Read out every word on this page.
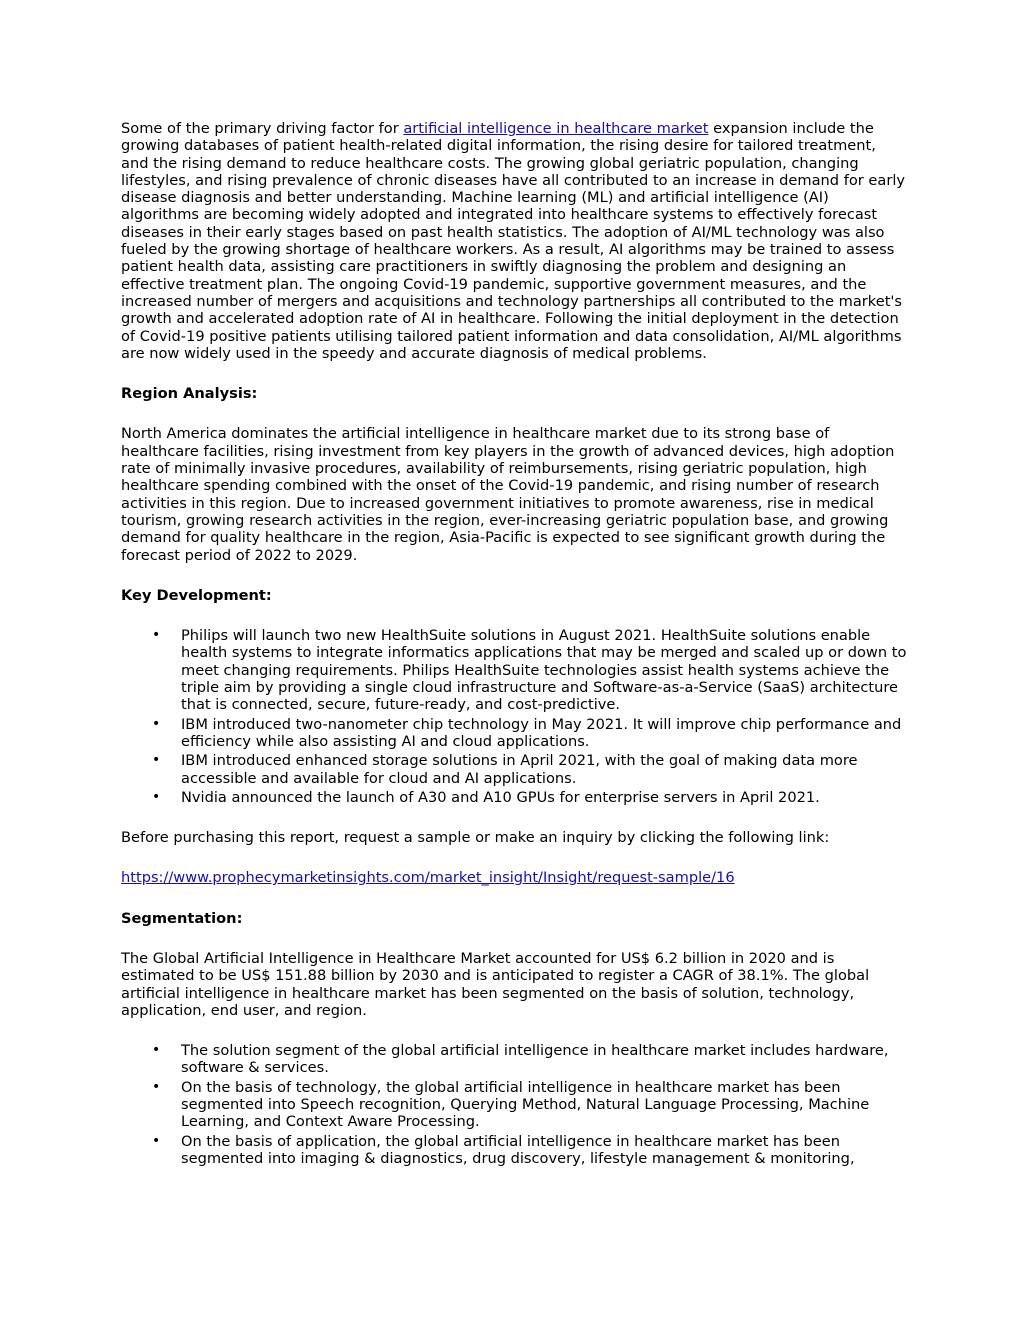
Some of the primary driving factor for artificial intelligence in healthcare market expansion include the growing databases of patient health-related digital information, the rising desire for tailored treatment, and the rising demand to reduce healthcare costs. The growing global geriatric population, changing lifestyles, and rising prevalence of chronic diseases have all contributed to an increase in demand for early disease diagnosis and better understanding. Machine learning (ML) and artificial intelligence (AI) algorithms are becoming widely adopted and integrated into healthcare systems to effectively forecast diseases in their early stages based on past health statistics. The adoption of AI/ML technology was also fueled by the growing shortage of healthcare workers. As a result, AI algorithms may be trained to assess patient health data, assisting care practitioners in swiftly diagnosing the problem and designing an effective treatment plan. The ongoing Covid-19 pandemic, supportive government measures, and the increased number of mergers and acquisitions and technology partnerships all contributed to the market's growth and accelerated adoption rate of AI in healthcare. Following the initial deployment in the detection of Covid-19 positive patients utilising tailored patient information and data consolidation, AI/ML algorithms are now widely used in the speedy and accurate diagnosis of medical problems.

Region Analysis:

North America dominates the artificial intelligence in healthcare market due to its strong base of healthcare facilities, rising investment from key players in the growth of advanced devices, high adoption rate of minimally invasive procedures, availability of reimbursements, rising geriatric population, high healthcare spending combined with the onset of the Covid-19 pandemic, and rising number of research activities in this region. Due to increased government initiatives to promote awareness, rise in medical tourism, growing research activities in the region, ever-increasing geriatric population base, and growing demand for quality healthcare in the region, Asia-Pacific is expected to see significant growth during the forecast period of 2022 to 2029.

Key Development:
• Philips will launch two new HealthSuite solutions in August 2021. HealthSuite solutions enable health systems to integrate informatics applications that may be merged and scaled up or down to meet changing requirements. Philips HealthSuite technologies assist health systems achieve the triple aim by providing a single cloud infrastructure and Software-as-a-Service (SaaS) architecture that is connected, secure, future-ready, and cost-predictive.
• IBM introduced two-nanometer chip technology in May 2021. It will improve chip performance and efficiency while also assisting AI and cloud applications.
• IBM introduced enhanced storage solutions in April 2021, with the goal of making data more accessible and available for cloud and AI applications.
• Nvidia announced the launch of A30 and A10 GPUs for enterprise servers in April 2021.

Before purchasing this report, request a sample or make an inquiry by clicking the following link:

https://www.prophecymarketinsights.com/market_insight/Insight/request-sample/16

Segmentation:

The Global Artificial Intelligence in Healthcare Market accounted for US$ 6.2 billion in 2020 and is estimated to be US$ 151.88 billion by 2030 and is anticipated to register a CAGR of 38.1%. The global artificial intelligence in healthcare market has been segmented on the basis of solution, technology, application, end user, and region.

• The solution segment of the global artificial intelligence in healthcare market includes hardware, software & services.
• On the basis of technology, the global artificial intelligence in healthcare market has been segmented into Speech recognition, Querying Method, Natural Language Processing, Machine Learning, and Context Aware Processing.
• On the basis of application, the global artificial intelligence in healthcare market has been segmented into imaging & diagnostics, drug discovery, lifestyle management & monitoring,
